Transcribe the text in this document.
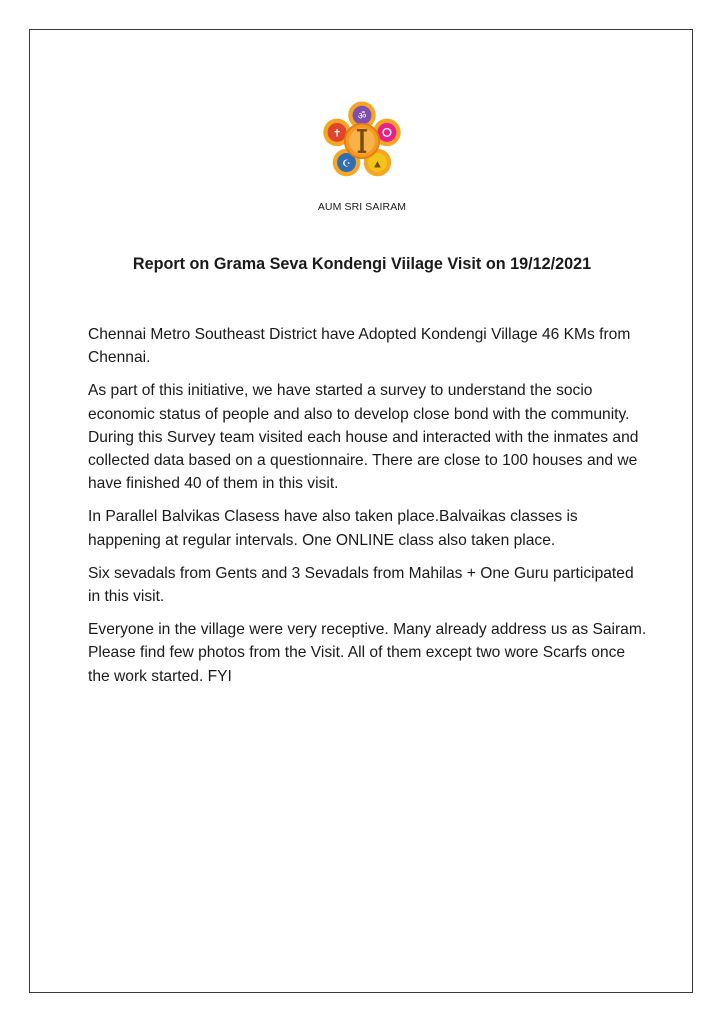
ॐ
✝
☪ ▲
AUM SRI SAIRAM
Report on Grama Seva Kondengi Viilage Visit on 19/12/2021

Chennai Metro Southeast District have Adopted Kondengi Village 46 KMs from Chennai.

As part of this initiative, we have started a survey to understand the socio economic status of people and also to develop close bond with the community. During this Survey team visited each house and interacted with the inmates and collected data based on a questionnaire. There are close to 100 houses and we have finished 40 of them in this visit.

In Parallel Balvikas Clasess have also taken place.Balvaikas classes is happening at regular intervals. One ONLINE class also taken place.

Six sevadals from Gents and 3 Sevadals from Mahilas + One Guru participated in this visit.

Everyone in the village were very receptive. Many already address us as Sairam. Please find few photos from the Visit. All of them except two wore Scarfs once the work started. FYI
